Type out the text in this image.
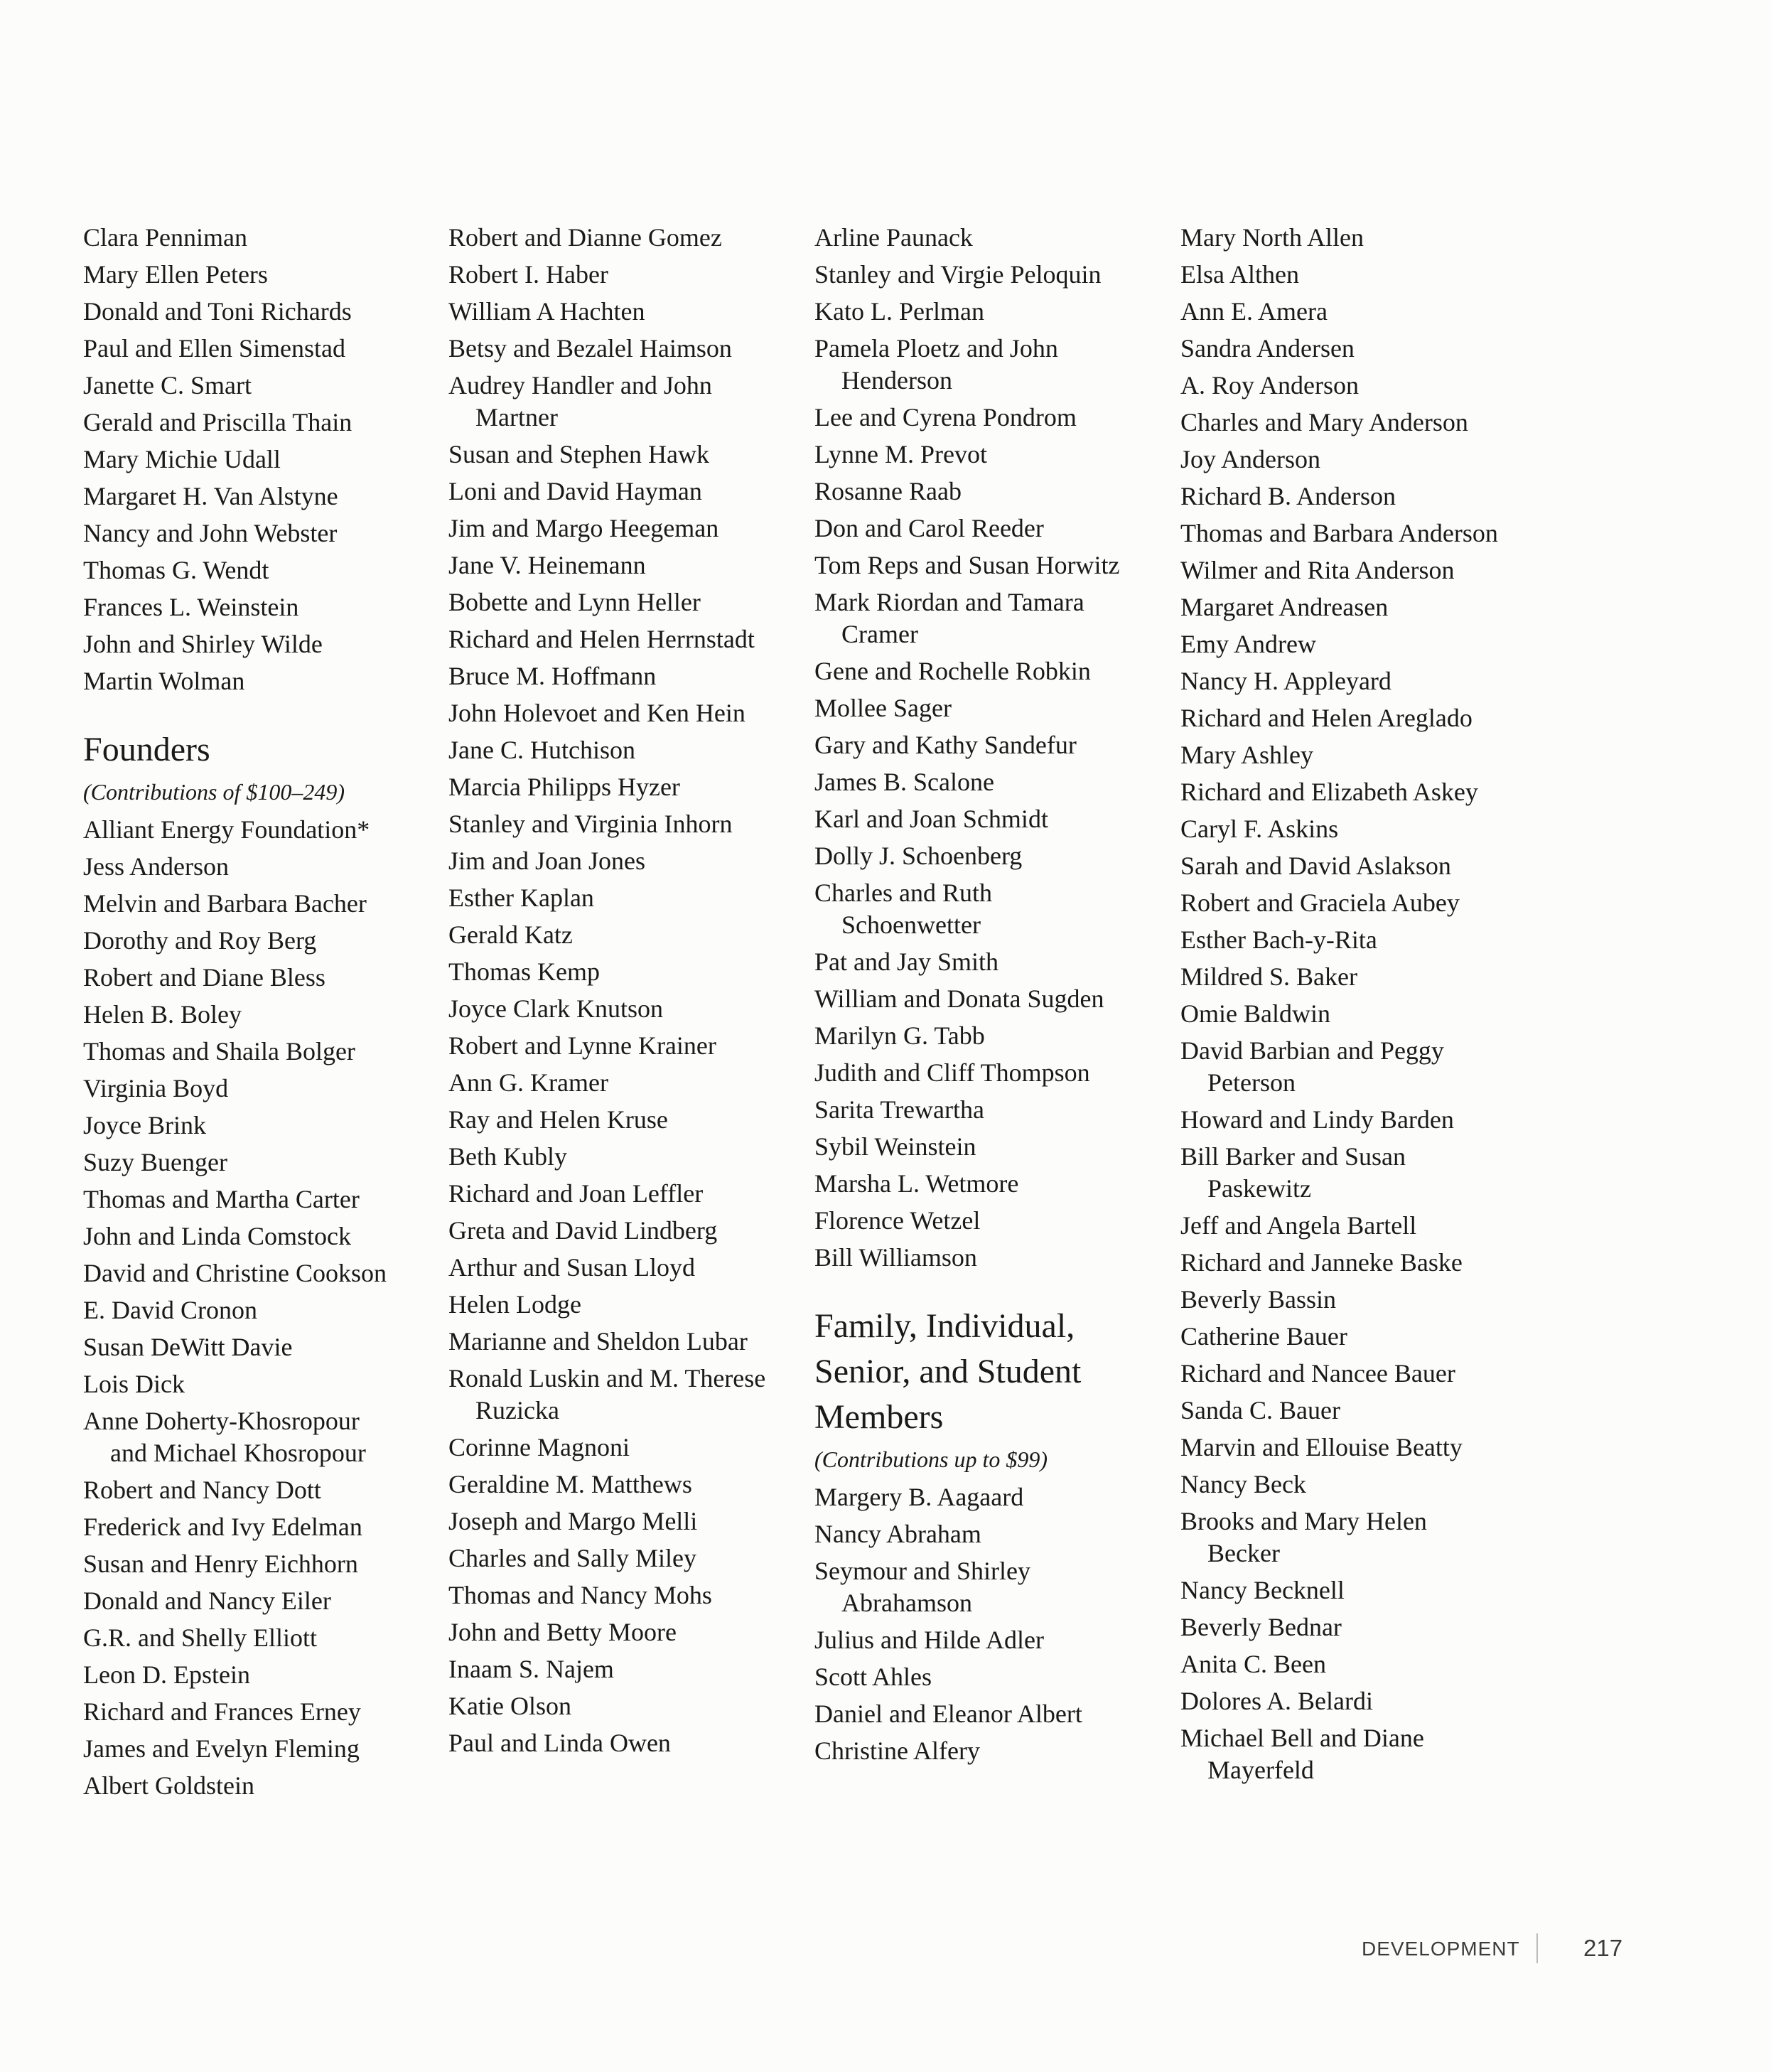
Clara Penniman
Mary Ellen Peters
Donald and Toni Richards
Paul and Ellen Simenstad
Janette C. Smart
Gerald and Priscilla Thain
Mary Michie Udall
Margaret H. Van Alstyne
Nancy and John Webster
Thomas G. Wendt
Frances L. Weinstein
John and Shirley Wilde
Martin Wolman
Founders
(Contributions of $100–249)
Alliant Energy Foundation*
Jess Anderson
Melvin and Barbara Bacher
Dorothy and Roy Berg
Robert and Diane Bless
Helen B. Boley
Thomas and Shaila Bolger
Virginia Boyd
Joyce Brink
Suzy Buenger
Thomas and Martha Carter
John and Linda Comstock
David and Christine Cookson
E. David Cronon
Susan DeWitt Davie
Lois Dick
Anne Doherty-Khosropour
and Michael Khosropour
Robert and Nancy Dott
Frederick and Ivy Edelman
Susan and Henry Eichhorn
Donald and Nancy Eiler
G.R. and Shelly Elliott
Leon D. Epstein
Richard and Frances Erney
James and Evelyn Fleming
Albert Goldstein
Robert and Dianne Gomez
Robert I. Haber
William A Hachten
Betsy and Bezalel Haimson
Audrey Handler and John
Martner
Susan and Stephen Hawk
Loni and David Hayman
Jim and Margo Heegeman
Jane V. Heinemann
Bobette and Lynn Heller
Richard and Helen Herrnstadt
Bruce M. Hoffmann
John Holevoet and Ken Hein
Jane C. Hutchison
Marcia Philipps Hyzer
Stanley and Virginia Inhorn
Jim and Joan Jones
Esther Kaplan
Gerald Katz
Thomas Kemp
Joyce Clark Knutson
Robert and Lynne Krainer
Ann G. Kramer
Ray and Helen Kruse
Beth Kubly
Richard and Joan Leffler
Greta and David Lindberg
Arthur and Susan Lloyd
Helen Lodge
Marianne and Sheldon Lubar
Ronald Luskin and M. Therese
Ruzicka
Corinne Magnoni
Geraldine M. Matthews
Joseph and Margo Melli
Charles and Sally Miley
Thomas and Nancy Mohs
John and Betty Moore
Inaam S. Najem
Katie Olson
Paul and Linda Owen
Arline Paunack
Stanley and Virgie Peloquin
Kato L. Perlman
Pamela Ploetz and John
Henderson
Lee and Cyrena Pondrom
Lynne M. Prevot
Rosanne Raab
Don and Carol Reeder
Tom Reps and Susan Horwitz
Mark Riordan and Tamara
Cramer
Gene and Rochelle Robkin
Mollee Sager
Gary and Kathy Sandefur
James B. Scalone
Karl and Joan Schmidt
Dolly J. Schoenberg
Charles and Ruth
Schoenwetter
Pat and Jay Smith
William and Donata Sugden
Marilyn G. Tabb
Judith and Cliff Thompson
Sarita Trewartha
Sybil Weinstein
Marsha L. Wetmore
Florence Wetzel
Bill Williamson
Family, Individual,
Senior, and Student
Members
(Contributions up to $99)
Margery B. Aagaard
Nancy Abraham
Seymour and Shirley
Abrahamson
Julius and Hilde Adler
Scott Ahles
Daniel and Eleanor Albert
Christine Alfery
Mary North Allen
Elsa Althen
Ann E. Amera
Sandra Andersen
A. Roy Anderson
Charles and Mary Anderson
Joy Anderson
Richard B. Anderson
Thomas and Barbara Anderson
Wilmer and Rita Anderson
Margaret Andreasen
Emy Andrew
Nancy H. Appleyard
Richard and Helen Areglado
Mary Ashley
Richard and Elizabeth Askey
Caryl F. Askins
Sarah and David Aslakson
Robert and Graciela Aubey
Esther Bach-y-Rita
Mildred S. Baker
Omie Baldwin
David Barbian and Peggy
Peterson
Howard and Lindy Barden
Bill Barker and Susan
Paskewitz
Jeff and Angela Bartell
Richard and Janneke Baske
Beverly Bassin
Catherine Bauer
Richard and Nancee Bauer
Sanda C. Bauer
Marvin and Ellouise Beatty
Nancy Beck
Brooks and Mary Helen
Becker
Nancy Becknell
Beverly Bednar
Anita C. Been
Dolores A. Belardi
Michael Bell and Diane
Mayerfeld
DEVELOPMENT	217
